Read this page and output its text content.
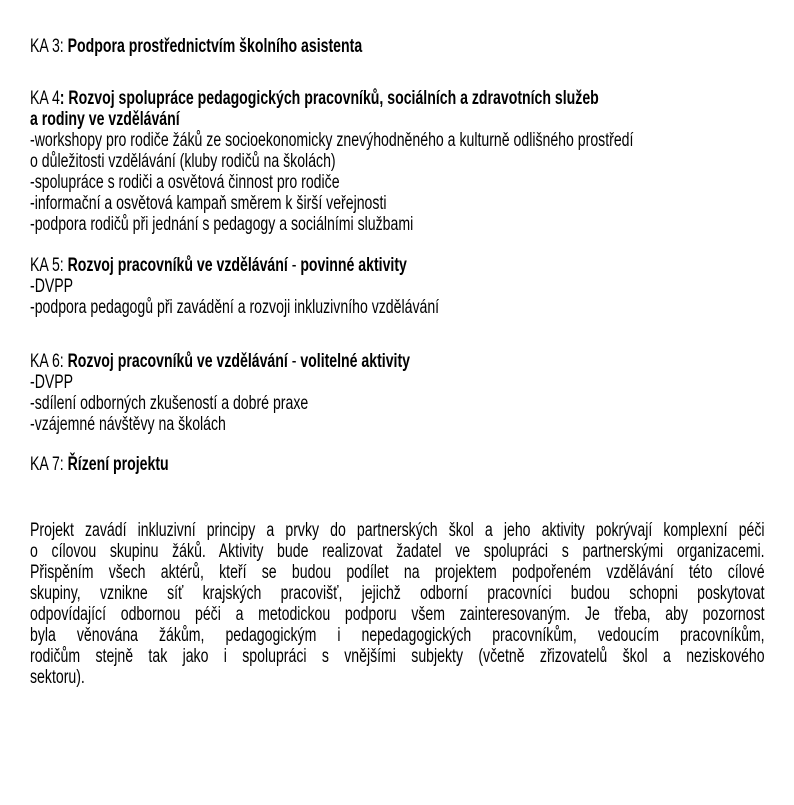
KA 3: Podpora prostřednictvím školního asistenta
KA 4: Rozvoj spolupráce pedagogických pracovníků, sociálních a zdravotních služeb
a rodiny ve vzdělávání
-workshopy pro rodiče žáků ze socioekonomicky znevýhodněného a kulturně odlišného prostředí
o důležitosti vzdělávání (kluby rodičů na školách)
-spolupráce s rodiči a osvětová činnost pro rodiče
-informační a osvětová kampaň směrem k širší veřejnosti
-podpora rodičů při jednání s pedagogy a sociálními službami
KA 5: Rozvoj pracovníků ve vzdělávání - povinné aktivity
-DVPP
-podpora pedagogů při zavádění a rozvoji inkluzivního vzdělávání
KA 6: Rozvoj pracovníků ve vzdělávání - volitelné aktivity
-DVPP
-sdílení odborných zkušeností a dobré praxe
-vzájemné návštěvy na školách
KA 7: Řízení projektu
Projekt zavádí inkluzivní principy a prvky do partnerských škol a jeho aktivity pokrývají komplexní péči
o cílovou skupinu žáků. Aktivity bude realizovat žadatel ve spolupráci s partnerskými organizacemi.
Přispěním všech aktérů, kteří se budou podílet na projektem podpořeném vzdělávání této cílové
skupiny, vznikne síť krajských pracovišť, jejichž odborní pracovníci budou schopni poskytovat
odpovídající odbornou péči a metodickou podporu všem zainteresovaným. Je třeba, aby pozornost
byla věnována žákům, pedagogickým i nepedagogických pracovníkům, vedoucím pracovníkům,
rodičům stejně tak jako i spolupráci s vnějšími subjekty (včetně zřizovatelů škol a neziskového
sektoru).
